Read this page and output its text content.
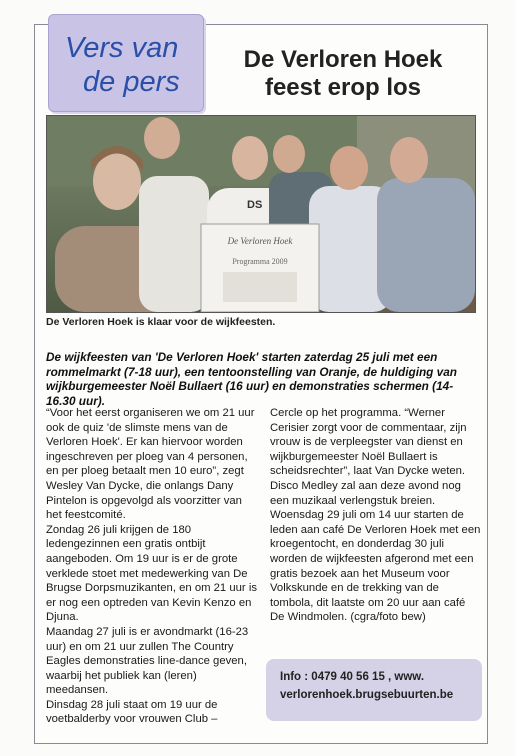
Vers van
de pers
De Verloren Hoek
feest erop los
DS
De Verloren Hoek
Programma 2009
De Verloren Hoek is klaar voor de wijkfeesten.
De wijkfeesten van 'De Verloren Hoek' starten zaterdag 25 juli met een rommelmarkt (7-18 uur), een tentoonstelling van Oranje, de huldiging van wijkburgemeester Noël Bullaert (16 uur) en demonstraties schermen (14-16.30 uur).

“Voor het eerst organiseren we om 21 uur ook de quiz 'de slimste mens van de Verloren Hoek'. Er kan hiervoor worden ingeschreven per ploeg van 4 personen, en per ploeg betaalt men 10 euro”, zegt Wesley Van Dycke, die onlangs Dany Pintelon is opgevolgd als voorzitter van het feestcomité.

Zondag 26 juli krijgen de 180 ledengezinnen een gratis ontbijt aangeboden. Om 19 uur is er de grote verklede stoet met medewerking van De Brugse Dorpsmuzikanten, en om 21 uur is er nog een optreden van Kevin Kenzo en Djuna.

Maandag 27 juli is er avondmarkt (16-23 uur) en om 21 uur zullen The Country Eagles demonstraties line-dance geven, waarbij het publiek kan (leren) meedansen.

Dinsdag 28 juli staat om 19 uur de voetbalderby voor vrouwen Club –

Cercle op het programma. “Werner Cerisier zorgt voor de commentaar, zijn vrouw is de verpleegster van dienst en wijkburgemeester Noël Bullaert is scheidsrechter”, laat Van Dycke weten. Disco Medley zal aan deze avond nog een muzikaal verlengstuk breien.

Woensdag 29 juli om 14 uur starten de leden aan café De Verloren Hoek met een kroegentocht, en donderdag 30 juli worden de wijkfeesten afgerond met een gratis bezoek aan het Museum voor Volkskunde en de trekking van de tombola, dit laatste om 20 uur aan café De Windmolen. (cgra/foto bew)

Info : 0479 40 56 15 , www.
verlorenhoek.brugsebuurten.be
